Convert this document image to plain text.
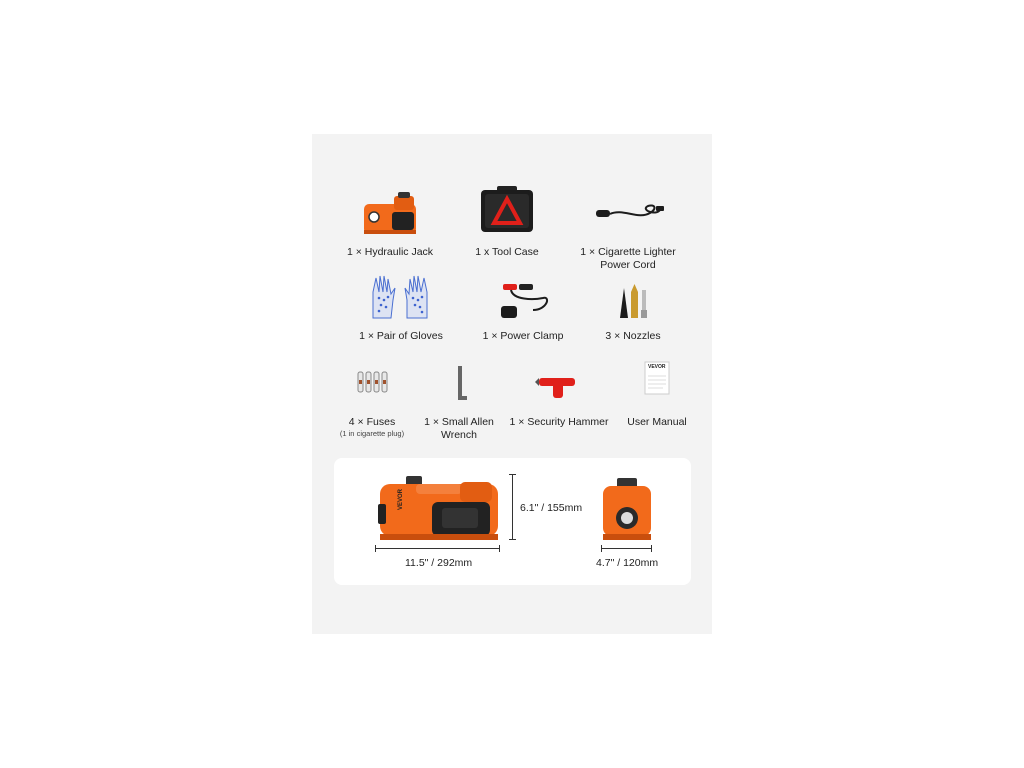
1 × Hydraulic Jack	1 x Tool Case	1 × Cigarette Lighter Power Cord
1 × Pair of Gloves	1 × Power Clamp	3 × Nozzles
4 × Fuses
(1 in cigarette plug)
1 × Small Allen Wrench
1 × Security Hammer
VEVOR
User Manual
VEVOR	6.1" / 155mm
11.5" / 292mm	4.7" / 120mm
